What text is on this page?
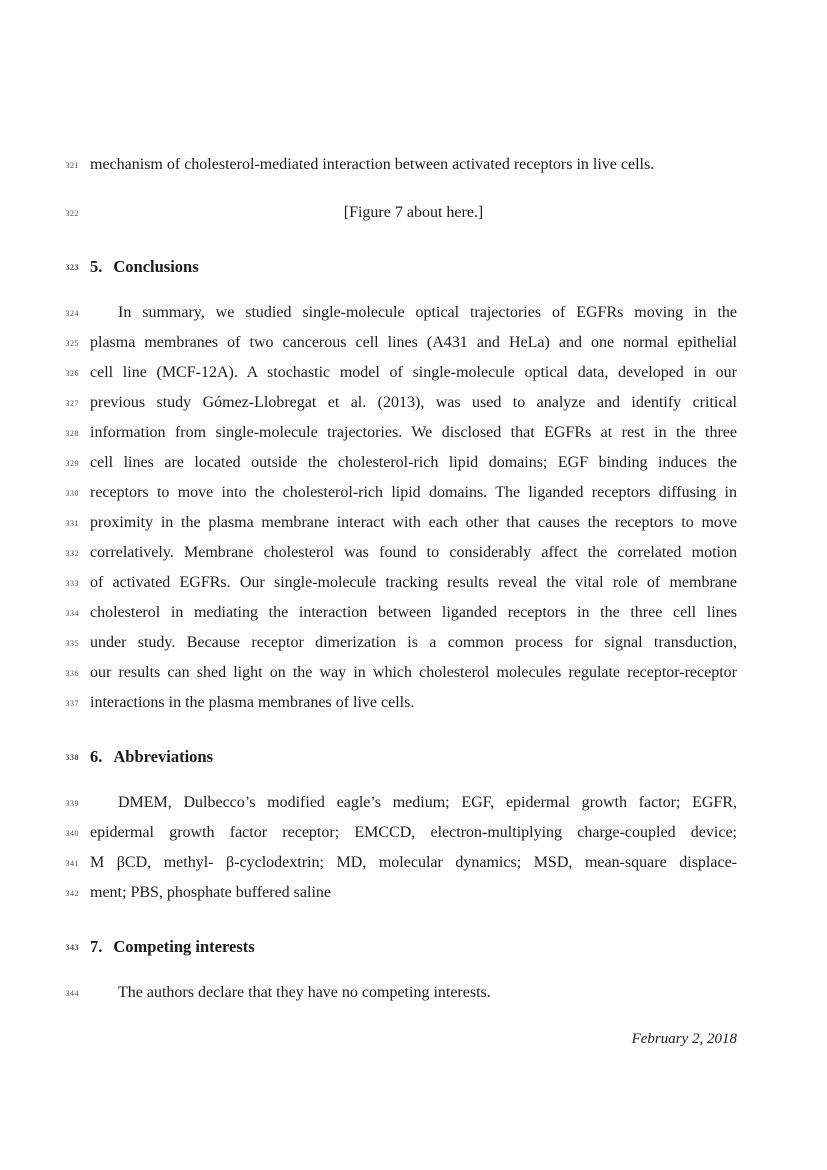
321 mechanism of cholesterol-mediated interaction between activated receptors in live cells.
322	[Figure 7 about here.]
323 5. Conclusions
324	In summary, we studied single-molecule optical trajectories of EGFRs moving in the
325 plasma membranes of two cancerous cell lines (A431 and HeLa) and one normal epithelial
326 cell line (MCF-12A). A stochastic model of single-molecule optical data, developed in our
327 previous study Gómez-Llobregat et al. (2013), was used to analyze and identify critical
328 information from single-molecule trajectories. We disclosed that EGFRs at rest in the three
329 cell lines are located outside the cholesterol-rich lipid domains; EGF binding induces the
330 receptors to move into the cholesterol-rich lipid domains. The liganded receptors diffusing in
331 proximity in the plasma membrane interact with each other that causes the receptors to move
332 correlatively. Membrane cholesterol was found to considerably affect the correlated motion
333 of activated EGFRs. Our single-molecule tracking results reveal the vital role of membrane
334 cholesterol in mediating the interaction between liganded receptors in the three cell lines
335 under study. Because receptor dimerization is a common process for signal transduction,
336 our results can shed light on the way in which cholesterol molecules regulate receptor-receptor
337 interactions in the plasma membranes of live cells.
338 6. Abbreviations
339	DMEM, Dulbecco’s modified eagle’s medium; EGF, epidermal growth factor; EGFR,
340 epidermal growth factor receptor; EMCCD, electron-multiplying charge-coupled device;
341 M βCD, methyl- β-cyclodextrin; MD, molecular dynamics; MSD, mean-square displace-
342 ment; PBS, phosphate buffered saline
343 7. Competing interests
344	The authors declare that they have no competing interests.
February 2, 2018
